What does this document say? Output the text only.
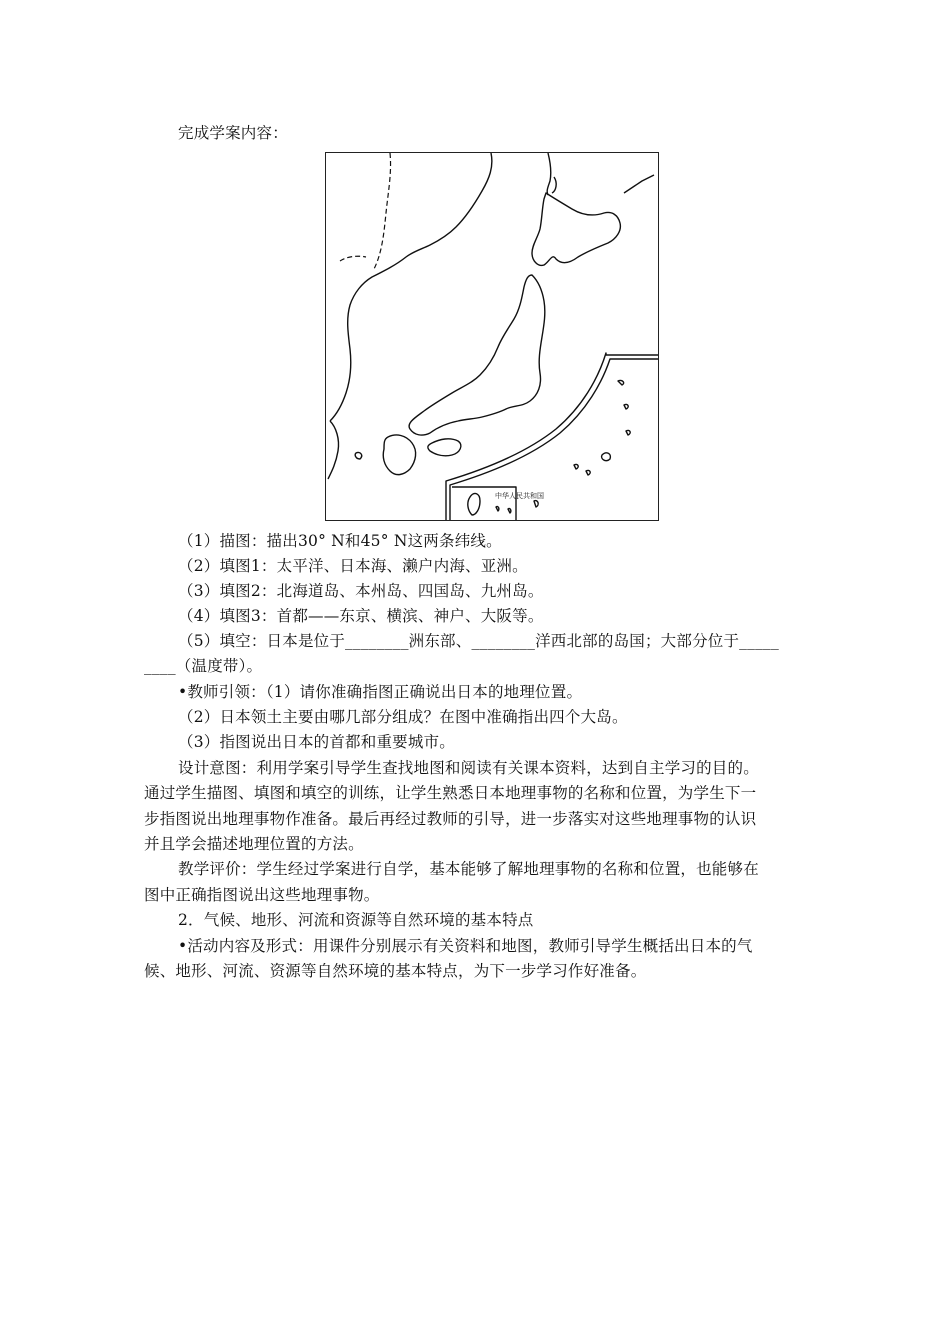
完成学案内容：
中华人民共和国
（1）描图：描出30° N和45° N这两条纬线。
（2）填图1：太平洋、日本海、濑户内海、亚洲。
（3）填图2：北海道岛、本州岛、四国岛、九州岛。
（4）填图3：首都——东京、横滨、神户、大阪等。
（5）填空：日本是位于________洲东部、________洋西北部的岛国；大部分位于_____
____（温度带）。
•教师引领：（1）请你准确指图正确说出日本的地理位置。
（2）日本领土主要由哪几部分组成？在图中准确指出四个大岛。
（3）指图说出日本的首都和重要城市。
设计意图：利用学案引导学生查找地图和阅读有关课本资料，达到自主学习的目的。
通过学生描图、填图和填空的训练，让学生熟悉日本地理事物的名称和位置，为学生下一
步指图说出地理事物作准备。最后再经过教师的引导，进一步落实对这些地理事物的认识
并且学会描述地理位置的方法。
教学评价：学生经过学案进行自学，基本能够了解地理事物的名称和位置，也能够在
图中正确指图说出这些地理事物。
2．气候、地形、河流和资源等自然环境的基本特点
•活动内容及形式：用课件分别展示有关资料和地图，教师引导学生概括出日本的气
候、地形、河流、资源等自然环境的基本特点，为下一步学习作好准备。
